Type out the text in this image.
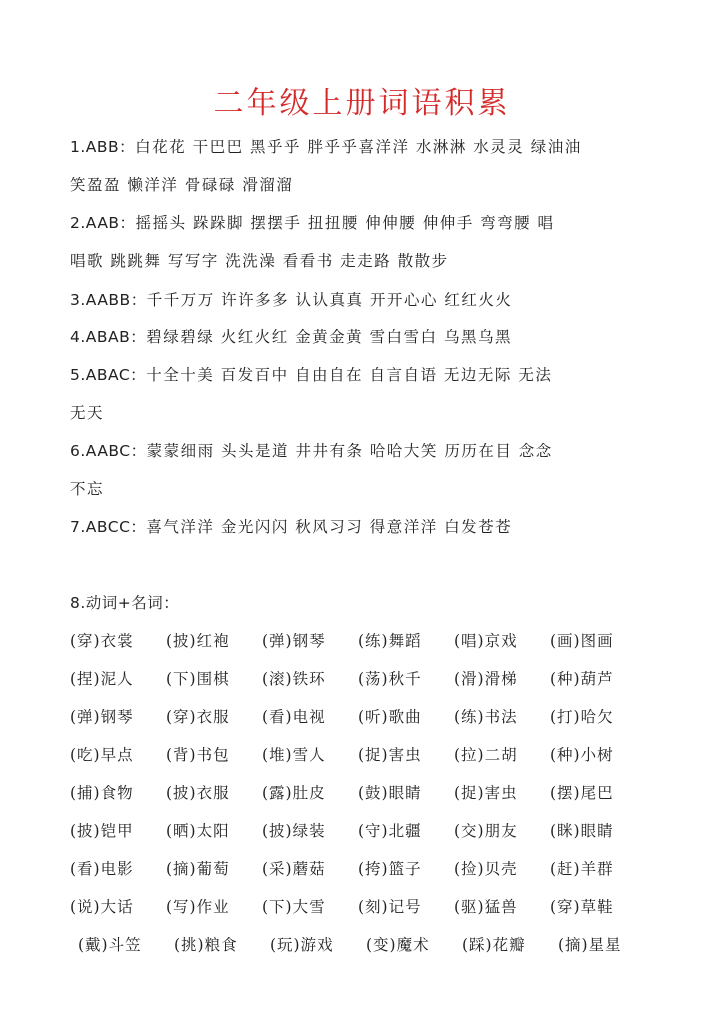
二年级上册词语积累
1.ABB：白花花 干巴巴 黑乎乎 胖乎乎喜洋洋 水淋淋 水灵灵 绿油油
笑盈盈 懒洋洋 骨碌碌 滑溜溜
2.AAB：摇摇头 跺跺脚 摆摆手 扭扭腰 伸伸腰 伸伸手 弯弯腰 唱
唱歌 跳跳舞 写写字 洗洗澡 看看书 走走路 散散步
3.AABB：千千万万 许许多多 认认真真 开开心心 红红火火
4.ABAB：碧绿碧绿 火红火红 金黄金黄 雪白雪白 乌黑乌黑
5.ABAC：十全十美 百发百中 自由自在 自言自语 无边无际 无法
无天
6.AABC：蒙蒙细雨 头头是道 井井有条 哈哈大笑 历历在目 念念
不忘
7.ABCC：喜气洋洋 金光闪闪 秋风习习 得意洋洋 白发苍苍
8.动词+名词：
(穿)衣裳	(披)红袍	(弹)钢琴	(练)舞蹈	(唱)京戏	(画)图画
(捏)泥人	(下)围棋	(滚)铁环	(荡)秋千	(滑)滑梯	(种)葫芦
(弹)钢琴	(穿)衣服	(看)电视	(听)歌曲	(练)书法	(打)哈欠
(吃)早点	(背)书包	(堆)雪人	(捉)害虫	(拉)二胡	(种)小树
(捕)食物	(披)衣服	(露)肚皮	(鼓)眼睛	(捉)害虫	(摆)尾巴
(披)铠甲	(晒)太阳	(披)绿装	(守)北疆	(交)朋友	(眯)眼睛
(看)电影	(摘)葡萄	(采)蘑菇	(挎)篮子	(捡)贝壳	(赶)羊群
(说)大话	(写)作业	(下)大雪	(刻)记号	(驱)猛兽	(穿)草鞋
(戴)斗笠	(挑)粮食	(玩)游戏	(变)魔术	(踩)花瓣	(摘)星星
